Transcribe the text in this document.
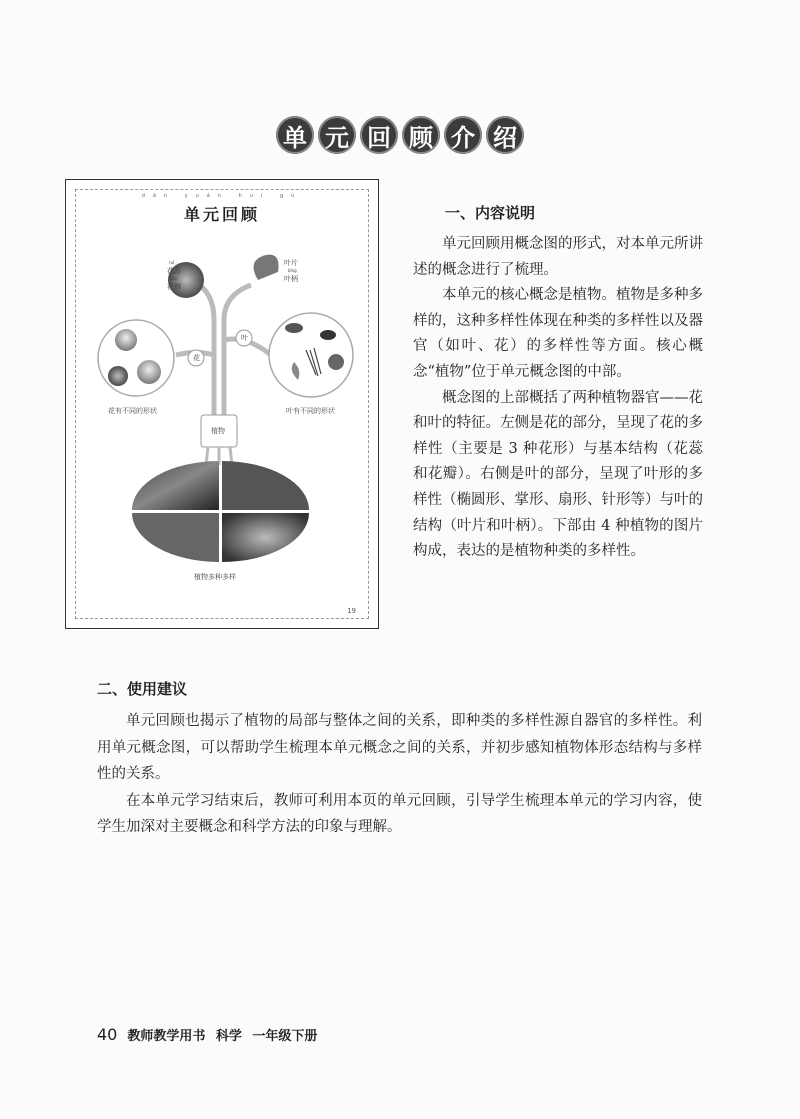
单 元 回 顾 介 绍
dān yuán huí gù
单元回顾
ruǐ
花蕊
bàn
花瓣
叶片
bǐng
叶柄
花
叶
植物
花有不同的形状	叶有不同的形状
植物多种多样
19
一、内容说明

单元回顾用概念图的形式，对本单元所讲述的概念进行了梳理。

本单元的核心概念是植物。植物是多种多样的，这种多样性体现在种类的多样性以及器官（如叶、花）的多样性等方面。核心概念“植物”位于单元概念图的中部。

概念图的上部概括了两种植物器官——花和叶的特征。左侧是花的部分，呈现了花的多样性（主要是 3 种花形）与基本结构（花蕊和花瓣）。右侧是叶的部分，呈现了叶形的多样性（椭圆形、掌形、扇形、针形等）与叶的结构（叶片和叶柄）。下部由 4 种植物的图片构成，表达的是植物种类的多样性。

二、使用建议

单元回顾也揭示了植物的局部与整体之间的关系，即种类的多样性源自器官的多样性。利用单元概念图，可以帮助学生梳理本单元概念之间的关系，并初步感知植物体形态结构与多样性的关系。

在本单元学习结束后，教师可利用本页的单元回顾，引导学生梳理本单元的学习内容，使学生加深对主要概念和科学方法的印象与理解。

40 教师教学用书 科学 一年级下册
